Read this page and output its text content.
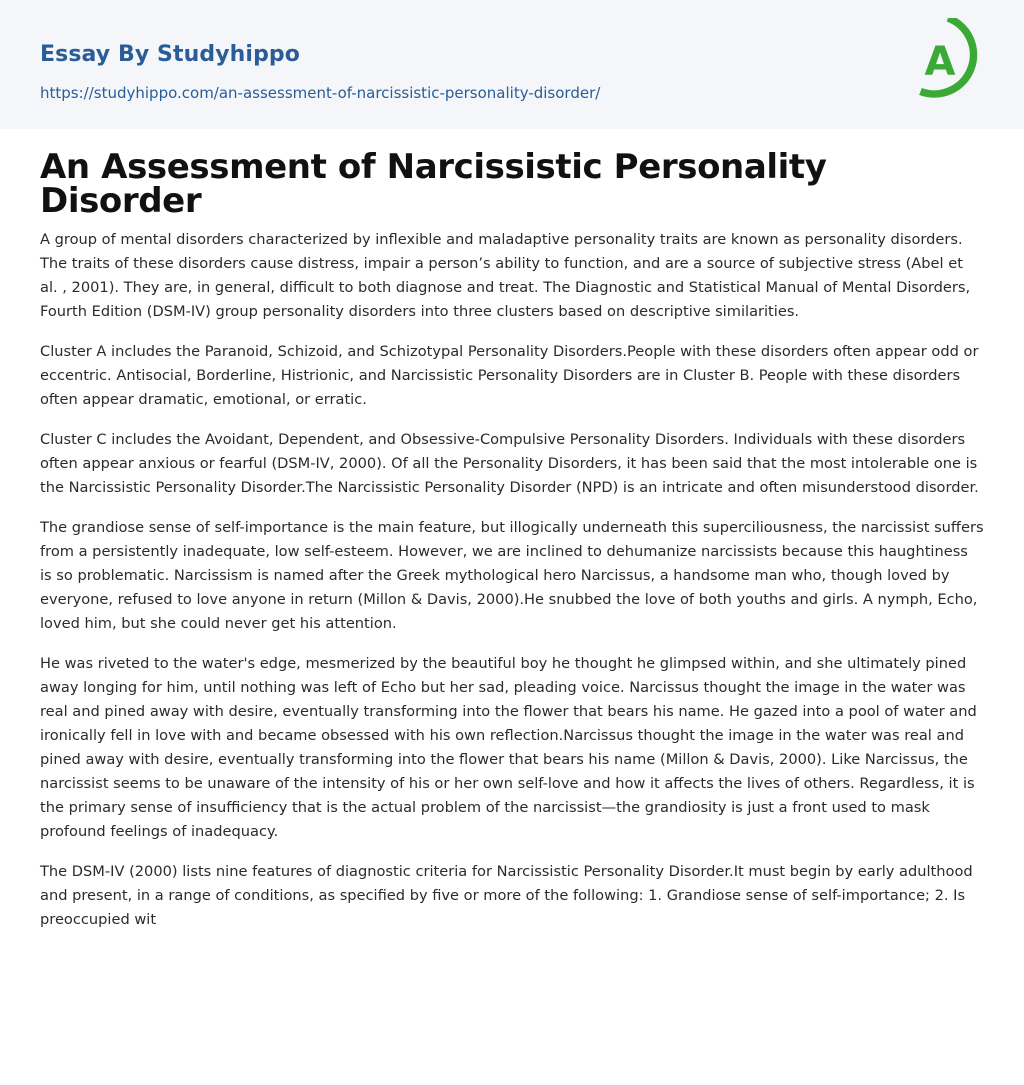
Essay By Studyhippo
https://studyhippo.com/an-assessment-of-narcissistic-personality-disorder/
A
An Assessment of Narcissistic Personality Disorder

A group of mental disorders characterized by inflexible and maladaptive personality traits are known as personality disorders. The traits of these disorders cause distress, impair a person’s ability to function, and are a source of subjective stress (Abel et al. , 2001). They are, in general, difficult to both diagnose and treat. The Diagnostic and Statistical Manual of Mental Disorders, Fourth Edition (DSM-IV) group personality disorders into three clusters based on descriptive similarities.

Cluster A includes the Paranoid, Schizoid, and Schizotypal Personality Disorders.People with these disorders often appear odd or eccentric. Antisocial, Borderline, Histrionic, and Narcissistic Personality Disorders are in Cluster B. People with these disorders often appear dramatic, emotional, or erratic.

Cluster C includes the Avoidant, Dependent, and Obsessive-Compulsive Personality Disorders. Individuals with these disorders often appear anxious or fearful (DSM-IV, 2000). Of all the Personality Disorders, it has been said that the most intolerable one is the Narcissistic Personality Disorder.The Narcissistic Personality Disorder (NPD) is an intricate and often misunderstood disorder.

The grandiose sense of self-importance is the main feature, but illogically underneath this superciliousness, the narcissist suffers from a persistently inadequate, low self-esteem. However, we are inclined to dehumanize narcissists because this haughtiness is so problematic. Narcissism is named after the Greek mythological hero Narcissus, a handsome man who, though loved by everyone, refused to love anyone in return (Millon & Davis, 2000).He snubbed the love of both youths and girls. A nymph, Echo, loved him, but she could never get his attention.

He was riveted to the water's edge, mesmerized by the beautiful boy he thought he glimpsed within, and she ultimately pined away longing for him, until nothing was left of Echo but her sad, pleading voice. Narcissus thought the image in the water was real and pined away with desire, eventually transforming into the flower that bears his name. He gazed into a pool of water and ironically fell in love with and became obsessed with his own reflection.Narcissus thought the image in the water was real and pined away with desire, eventually transforming into the flower that bears his name (Millon & Davis, 2000). Like Narcissus, the narcissist seems to be unaware of the intensity of his or her own self-love and how it affects the lives of others. Regardless, it is the primary sense of insufficiency that is the actual problem of the narcissist—the grandiosity is just a front used to mask profound feelings of inadequacy.

The DSM-IV (2000) lists nine features of diagnostic criteria for Narcissistic Personality Disorder.It must begin by early adulthood and present, in a range of conditions, as specified by five or more of the following: 1. Grandiose sense of self-importance; 2. Is preoccupied wit
